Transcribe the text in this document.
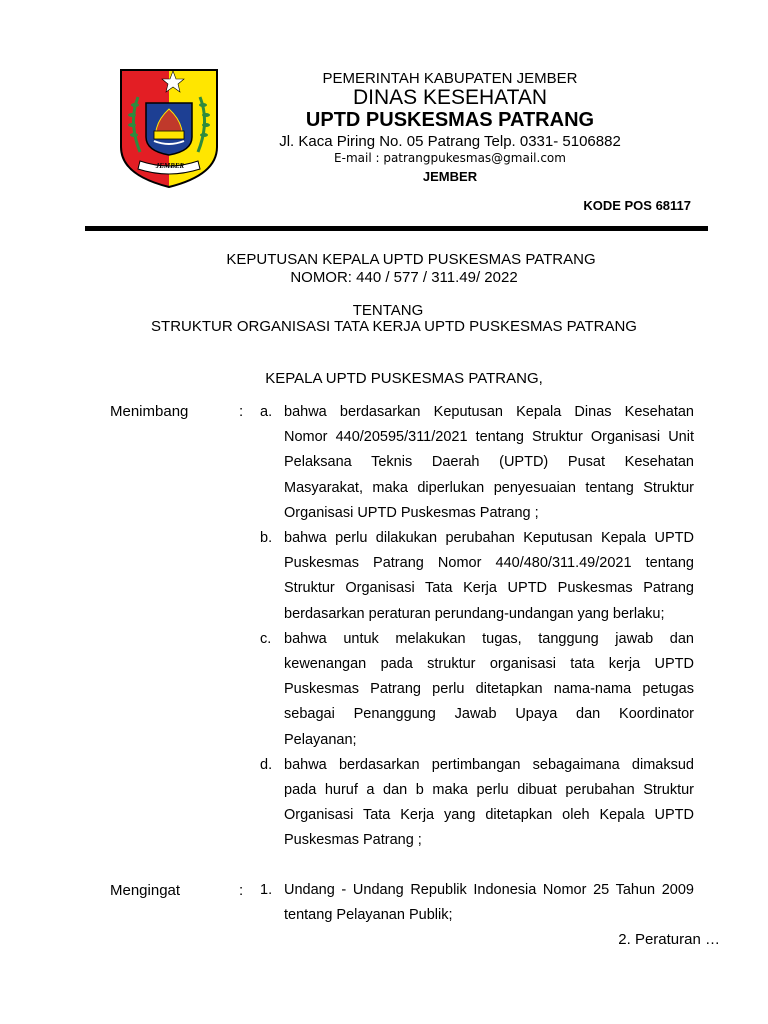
JEMBER
PEMERINTAH KABUPATEN JEMBER
DINAS KESEHATAN
UPTD PUSKESMAS PATRANG
Jl. Kaca Piring No. 05 Patrang Telp. 0331- 5106882
E-mail : patrangpukesmas@gmail.com
JEMBER
KODE POS 68117
KEPUTUSAN KEPALA UPTD PUSKESMAS PATRANG
NOMOR: 440 / 577 / 311.49/ 2022
TENTANG
STRUKTUR ORGANISASI TATA KERJA UPTD PUSKESMAS PATRANG
KEPALA UPTD PUSKESMAS PATRANG,
Menimbang	: a. bahwa berdasarkan Keputusan Kepala Dinas Kesehatan Nomor 440/20595/311/2021 tentang Struktur Organisasi Unit Pelaksana Teknis Daerah (UPTD) Pusat Kesehatan Masyarakat, maka diperlukan penyesuaian tentang Struktur Organisasi UPTD Puskesmas Patrang ;
b. bahwa perlu dilakukan perubahan Keputusan Kepala UPTD Puskesmas Patrang Nomor 440/480/311.49/2021 tentang Struktur Organisasi Tata Kerja UPTD Puskesmas Patrang berdasarkan peraturan perundang-undangan yang berlaku;
c. bahwa untuk melakukan tugas, tanggung jawab dan kewenangan pada struktur organisasi tata kerja UPTD Puskesmas Patrang perlu ditetapkan nama-nama petugas sebagai Penanggung Jawab Upaya dan Koordinator Pelayanan;
d. bahwa berdasarkan pertimbangan sebagaimana dimaksud pada huruf a dan b maka perlu dibuat perubahan Struktur Organisasi Tata Kerja yang ditetapkan oleh Kepala UPTD Puskesmas Patrang ;
Mengingat	: 1. Undang - Undang Republik Indonesia Nomor 25 Tahun 2009 tentang Pelayanan Publik;
2. Peraturan …
